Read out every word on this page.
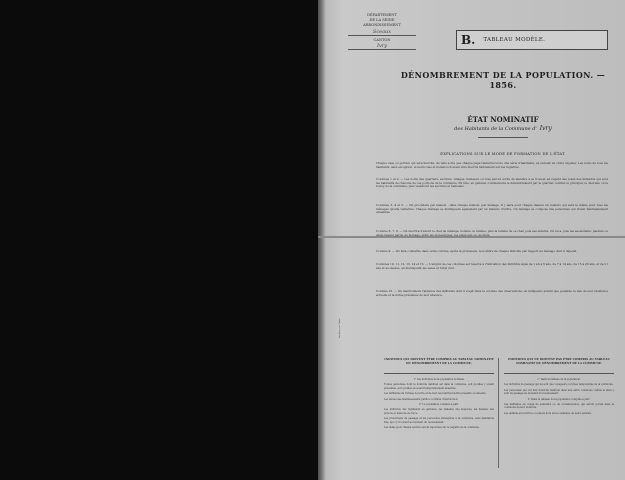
DÉPARTEMENT
DE LA SEINE
ARRONDISSEMENT
Sceaux
CANTON
Ivry	B.	TABLEAU MODÈLE.
DÉNOMBREMENT DE LA POPULATION. — 1856.
ÉTAT NOMINATIF
des Habitants de la Commune d' Ivry
EXPLICATIONS SUR LE MODE DE FORMATION DE L'ÉTAT.

Chaque case ou portion qui sera inscrite, de telle sorte que chaque page renferme toute une série d'habitants, en suivant un ordre régulier. Les noms de tous les habitants, sans exception, et leurs rues et numéros doivent être inscrits lisiblement sur les registres.

Colonnes 1 et 2. — Les noms des quartiers, sections, villages, hameaux ou rues seront écrits de manière à se trouver en regard des noms des individus qui sont les habitants de chacune de ces portions de la commune. En tête, en général, commencera le dénombrement par le quartier central ou principal, le chef-lieu ou le bourg de la commune, puis viendront les sections et hameaux.

Colonnes 3, 4 et 5. — On procédera par maison ; dans chaque maison, par ménage. Il y aura pour chaque maison un numéro qui sera le même pour tous les ménages qu'elle renferme. Chaque ménage se distinguera également par un numéro d'ordre. Un ménage se compose des personnes qui vivent habituellement ensemble.

Colonne 6, 7, 8. — On inscrira d'abord le chef de ménage, homme ou femme, puis la femme de ce chef, puis ses enfants, s'il en a, puis les ascendants, parents ou alliés faisant partie du ménage, enfin les domestiques, les employés ou ouvriers.

Colonne 9. — On fera connaître dans cette colonne, après la profession, le nombre de chaque individu par rapport au ménage dont il dépend.

Colonnes 10, 11, 12, 13, 14 et 15. — L'emploi de ces colonnes est réservé à l'indication des individus âgés de 1 an à 6 ans, de 7 à 14 ans, de 15 à 20 ans, et de 21 ans et au-dessus, en distinguant les sexes et l'état civil.

Colonne 16. — On mentionnera l'absence des individus dont il s'agit dans la colonne des observations, en indiquant, autant que possible, le lieu de leur résidence actuelle et la durée présumée de leur absence.

Archives de Paris
INDIVIDUS QUI DOIVENT ÊTRE COMPRIS AU TABLEAU NOMINATIF DU DÉNOMBREMENT DE LA COMMUNE.
1° Les individus de la population normale.
Toutes personnes dont le domicile habituel est dans la commune, soit qu'elles y soient présentes, soit qu'elles en soient temporairement absentes.
Les militaires de l'armée de terre et de mer, les marins inscrits présents ou absents.
Les élèves des établissements publics ou libres d'instruction.
2° La population comptée à part.
Les individus des régiments en garnison, les malades des hospices, les détenus des prisons et maisons de force.
Les prisonniers de passage et les personnes étrangères à la commune, sans habitation fixe, qui s'y trouvent au moment du recensement.
Les listes pour chaque section seront reportées sur le registre de la commune.
INDIVIDUS QUI NE DOIVENT PAS ÊTRE COMPRIS AU TABLEAU NOMINATIF DU DÉNOMBREMENT DE LA COMMUNE.
1° Dans le tableau de la population.
Les individus de passage qui ne sont que voyageurs ou hôtes temporaires de la commune.
Les personnes qui ont leur domicile habituel dans une autre commune, même si elles y sont de passage au moment du recensement.
2° Dans le tableau de la population comptée à part.
Les militaires en congé de semestre ou de convalescence, qui seront portés dans la commune de leur domicile.
Les enfants en nourrice ou placés hors de la commune de leurs parents.
